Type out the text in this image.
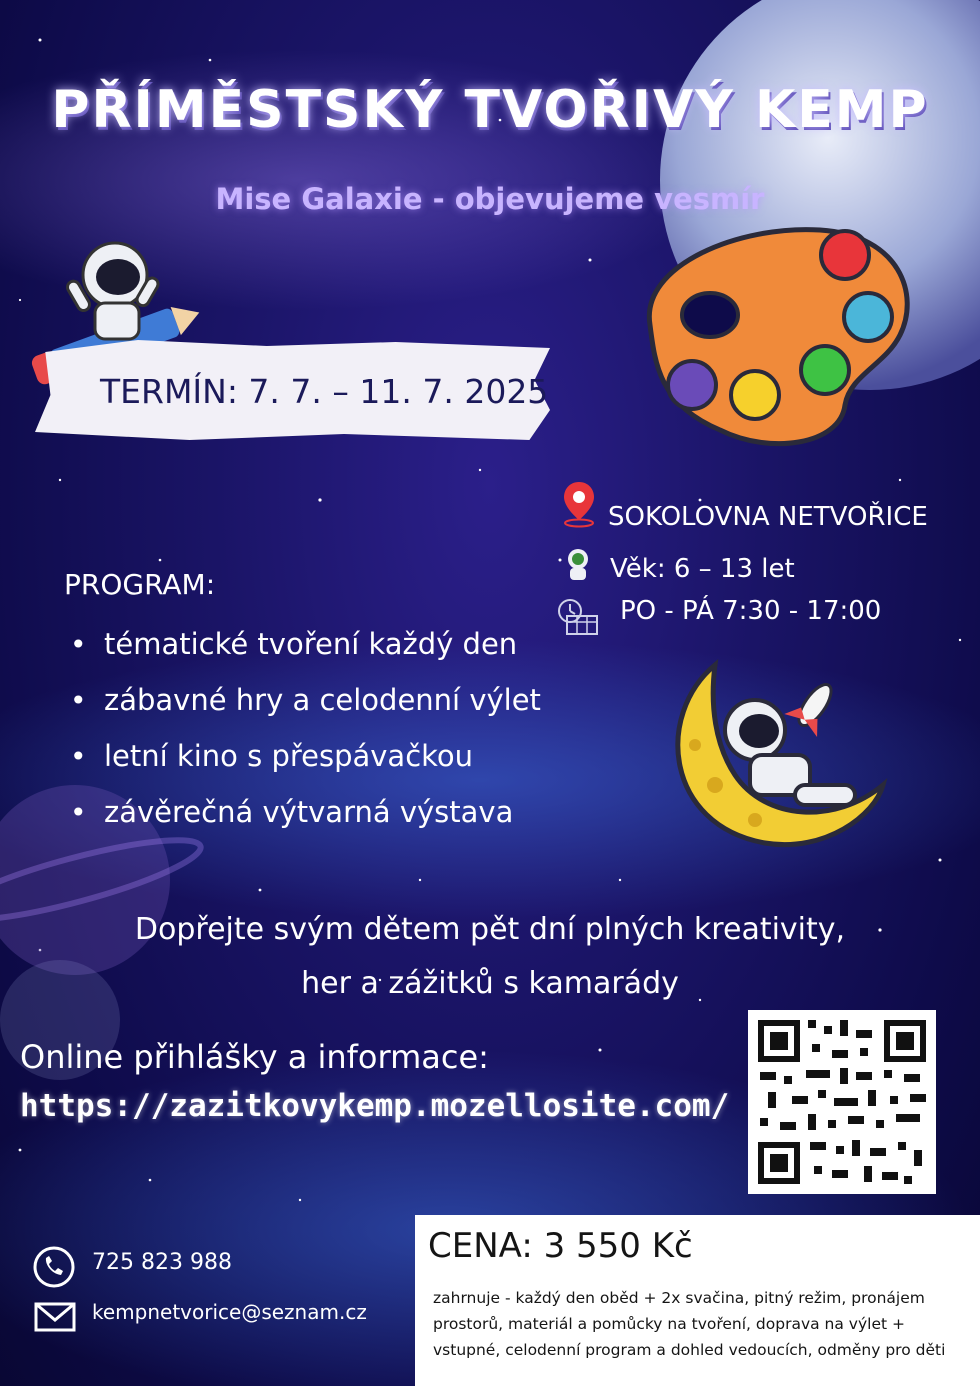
PŘÍMĚSTSKÝ TVOŘIVÝ KEMP
Mise Galaxie - objevujeme vesmír
TERMÍN: 7. 7. – 11. 7. 2025
SOKOLOVNA NETVOŘICE
Věk: 6 – 13 let
PO - PÁ 7:30 - 17:00
PROGRAM:
• tématické tvoření každý den
• zábavné hry a celodenní výlet
• letní kino s přespávačkou
• závěrečná výtvarná výstava
Dopřejte svým dětem pět dní plných kreativity,
her a zážitků s kamarády
Online přihlášky a informace:
https://zazitkovykemp.mozellosite.com/
CENA: 3 550 Kč
zahrnuje - každý den oběd + 2x svačina, pitný režim, pronájem prostorů, materiál a pomůcky na tvoření, doprava na výlet + vstupné, celodenní program a dohled vedoucích, odměny pro děti
725 823 988
kempnetvorice@seznam.cz
